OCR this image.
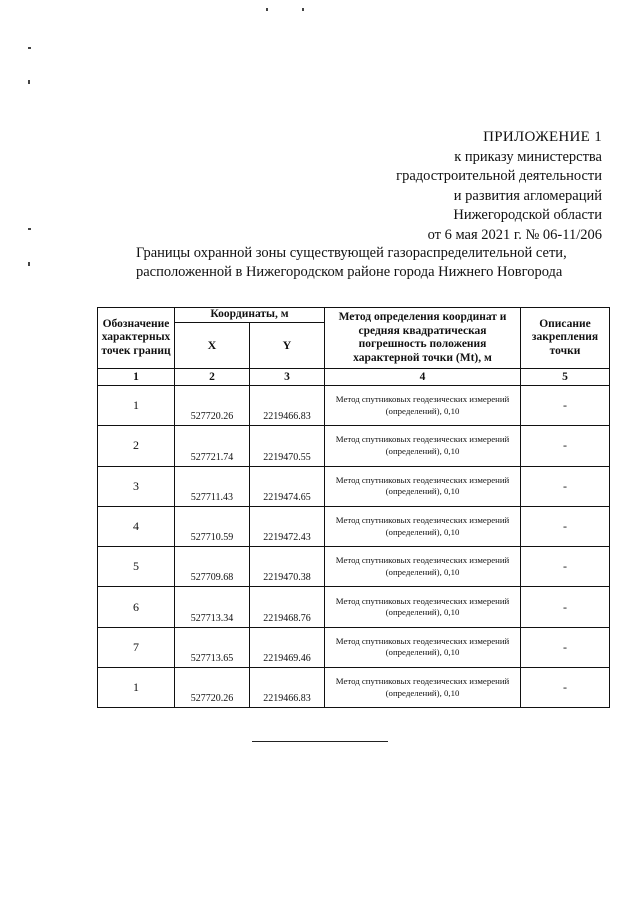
ПРИЛОЖЕНИЕ 1
к приказу министерства
градостроительной деятельности
и развития агломераций
Нижегородской области
от 6 мая 2021 г. № 06-11/206
Границы охранной зоны существующей газораспределительной сети,
расположенной в Нижегородском районе города Нижнего Новгорода
Обозначение характерных точек границ	Координаты, м		Метод определения координат и средняя квадратическая погрешность положения характерной точки (Mt), м	Описание закрепления точки
	X	Y		
1	2	3	4	5
1	527720.26	2219466.83	Метод спутниковых геодезических измерений (определений), 0,10	-
2	527721.74	2219470.55	Метод спутниковых геодезических измерений (определений), 0,10	-
3	527711.43	2219474.65	Метод спутниковых геодезических измерений (определений), 0,10	-
4	527710.59	2219472.43	Метод спутниковых геодезических измерений (определений), 0,10	-
5	527709.68	2219470.38	Метод спутниковых геодезических измерений (определений), 0,10	-
6	527713.34	2219468.76	Метод спутниковых геодезических измерений (определений), 0,10	-
7	527713.65	2219469.46	Метод спутниковых геодезических измерений (определений), 0,10	-
1	527720.26	2219466.83	Метод спутниковых геодезических измерений (определений), 0,10	-
